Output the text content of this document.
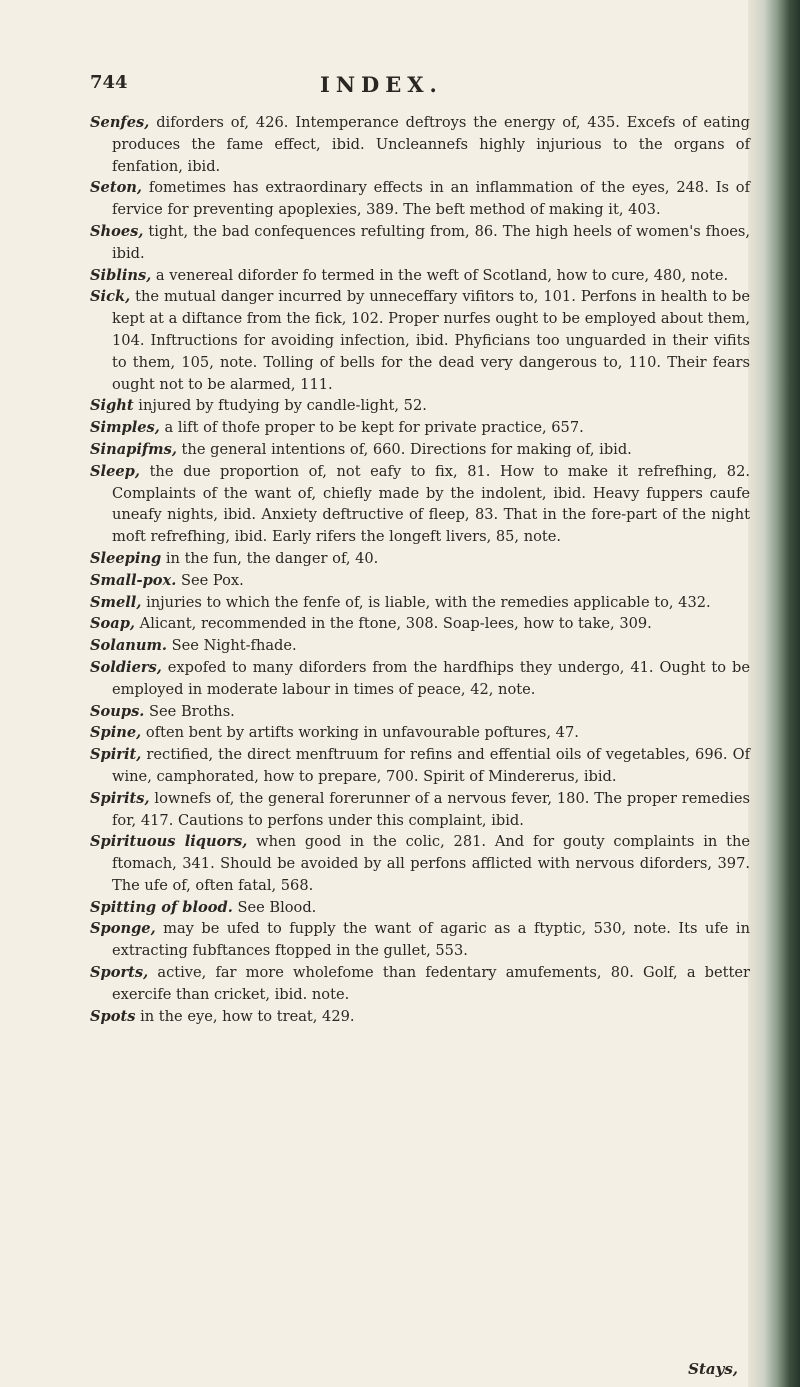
744	INDEX.

Senfes, diforders of, 426. Intemperance deftroys the energy of, 435. Excefs of eating produces the fame effect, ibid. Uncleannefs highly injurious to the organs of fenfation, ibid.

Seton, fometimes has extraordinary effects in an inflammation of the eyes, 248. Is of fervice for preventing apoplexies, 389. The beft method of making it, 403.

Shoes, tight, the bad confequences refulting from, 86. The high heels of women's fhoes, ibid.

Siblins, a venereal diforder fo termed in the weft of Scotland, how to cure, 480, note.

Sick, the mutual danger incurred by unneceffary vifitors to, 101. Perfons in health to be kept at a diftance from the fick, 102. Proper nurfes ought to be employed about them, 104. Inftructions for avoiding infection, ibid. Phyficians too unguarded in their vifits to them, 105, note. Tolling of bells for the dead very dangerous to, 110. Their fears ought not to be alarmed, 111.

Sight injured by ftudying by candle-light, 52.

Simples, a lift of thofe proper to be kept for private practice, 657.

Sinapifms, the general intentions of, 660. Directions for making of, ibid.

Sleep, the due proportion of, not eafy to fix, 81. How to make it refrefhing, 82. Complaints of the want of, chiefly made by the indolent, ibid. Heavy fuppers caufe uneafy nights, ibid. Anxiety deftructive of fleep, 83. That in the fore-part of the night moft refrefhing, ibid. Early rifers the longeft livers, 85, note.

Sleeping in the fun, the danger of, 40.

Small-pox. See Pox.

Smell, injuries to which the fenfe of, is liable, with the remedies applicable to, 432.

Soap, Alicant, recommended in the ftone, 308. Soap-lees, how to take, 309.

Solanum. See Night-fhade.

Soldiers, expofed to many diforders from the hardfhips they undergo, 41. Ought to be employed in moderate labour in times of peace, 42, note.

Soups. See Broths.

Spine, often bent by artifts working in unfavourable poftures, 47.

Spirit, rectified, the direct menftruum for refins and effential oils of vegetables, 696. Of wine, camphorated, how to prepare, 700. Spirit of Mindererus, ibid.

Spirits, lownefs of, the general forerunner of a nervous fever, 180. The proper remedies for, 417. Cautions to perfons under this complaint, ibid.

Spirituous liquors, when good in the colic, 281. And for gouty complaints in the ftomach, 341. Should be avoided by all perfons afflicted with nervous diforders, 397. The ufe of, often fatal, 568.

Spitting of blood. See Blood.

Sponge, may be ufed to fupply the want of agaric as a ftyptic, 530, note. Its ufe in extracting fubftances ftopped in the gullet, 553.

Sports, active, far more wholefome than fedentary amufements, 80. Golf, a better exercife than cricket, ibid. note.

Spots in the eye, how to treat, 429.

Stays,
